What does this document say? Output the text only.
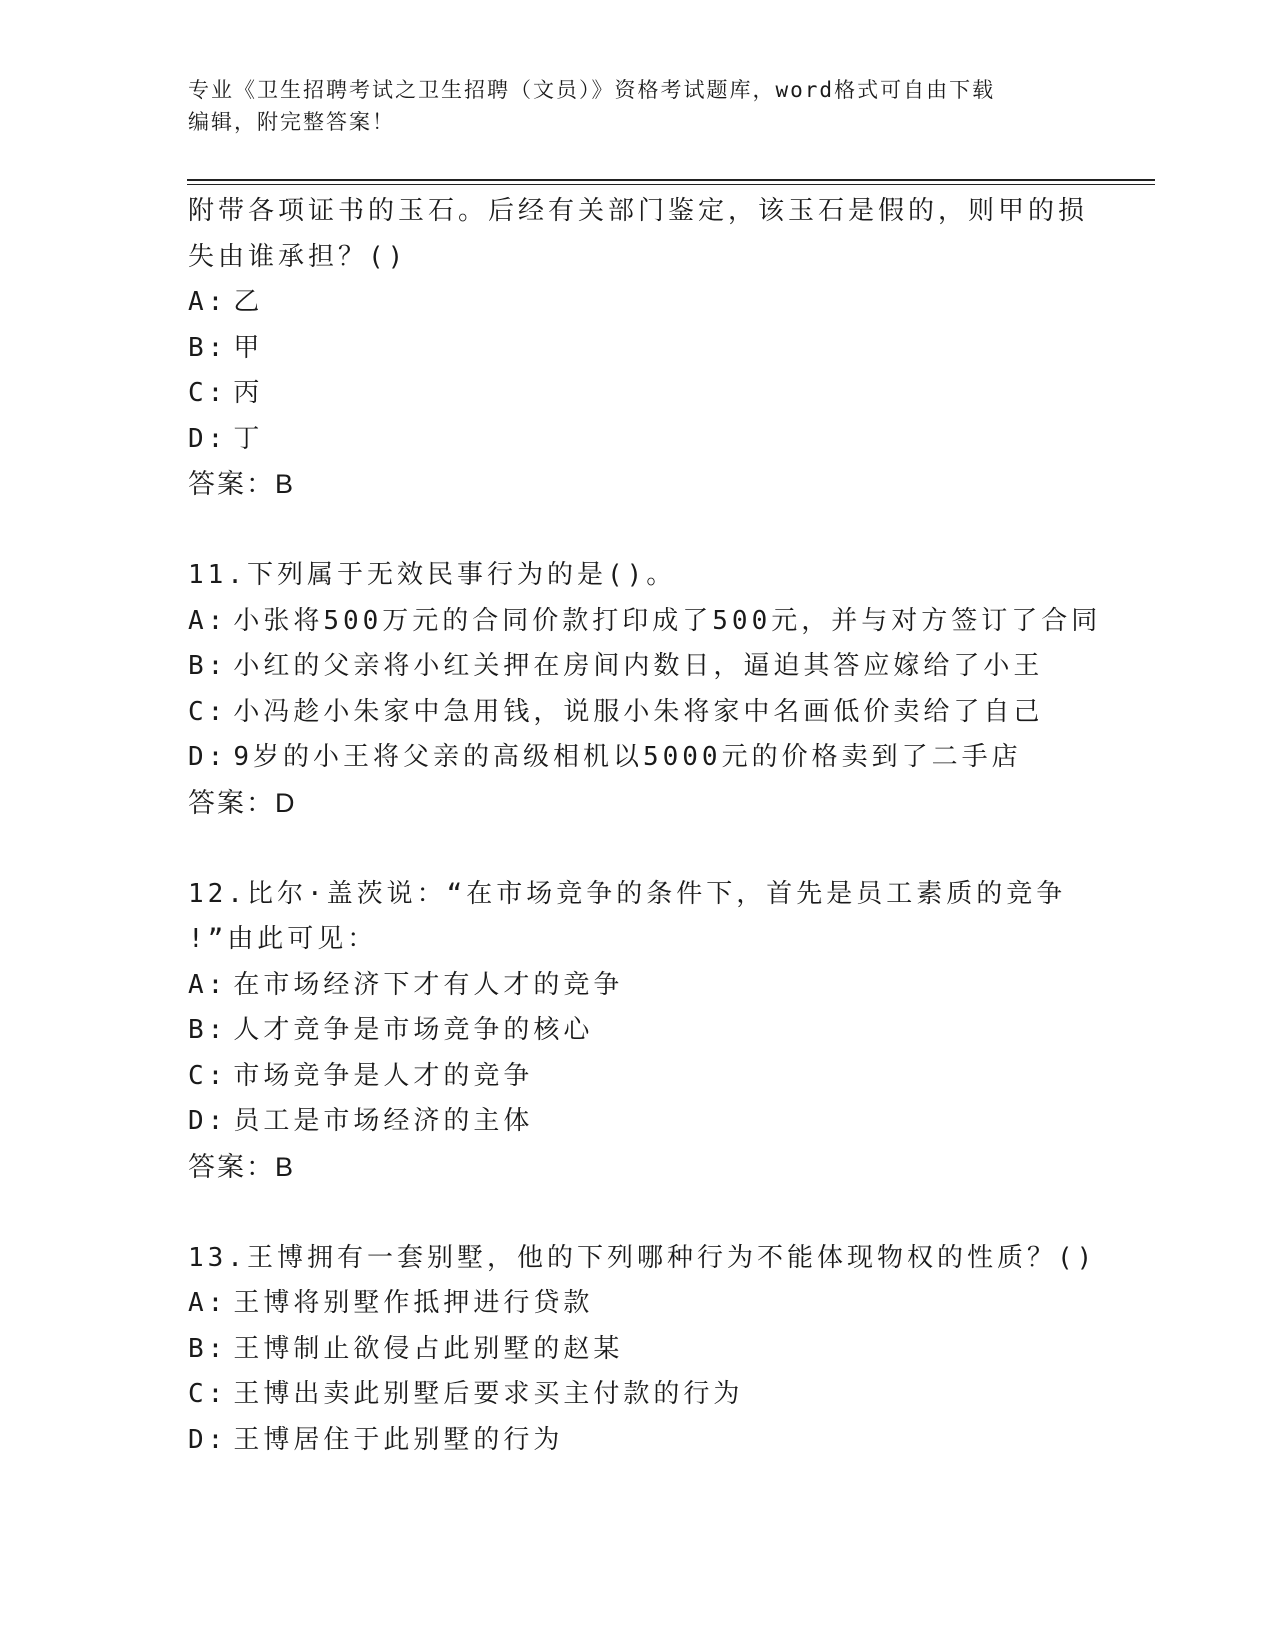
专业《卫生招聘考试之卫生招聘（文员）》资格考试题库，word格式可自由下载
编辑，附完整答案！
附带各项证书的玉石。后经有关部门鉴定，该玉石是假的，则甲的损
失由谁承担？()
A: 乙
B: 甲
C: 丙
D: 丁
答案：B
11.下列属于无效民事行为的是()。
A: 小张将500万元的合同价款打印成了500元，并与对方签订了合同
B: 小红的父亲将小红关押在房间内数日，逼迫其答应嫁给了小王
C: 小冯趁小朱家中急用钱，说服小朱将家中名画低价卖给了自己
D: 9岁的小王将父亲的高级相机以5000元的价格卖到了二手店
答案：D
12.比尔·盖茨说：“在市场竞争的条件下，首先是员工素质的竞争
!”由此可见：
A: 在市场经济下才有人才的竞争
B: 人才竞争是市场竞争的核心
C: 市场竞争是人才的竞争
D: 员工是市场经济的主体
答案：B
13.王博拥有一套别墅，他的下列哪种行为不能体现物权的性质？()
A: 王博将别墅作抵押进行贷款
B: 王博制止欲侵占此别墅的赵某
C: 王博出卖此别墅后要求买主付款的行为
D: 王博居住于此别墅的行为
